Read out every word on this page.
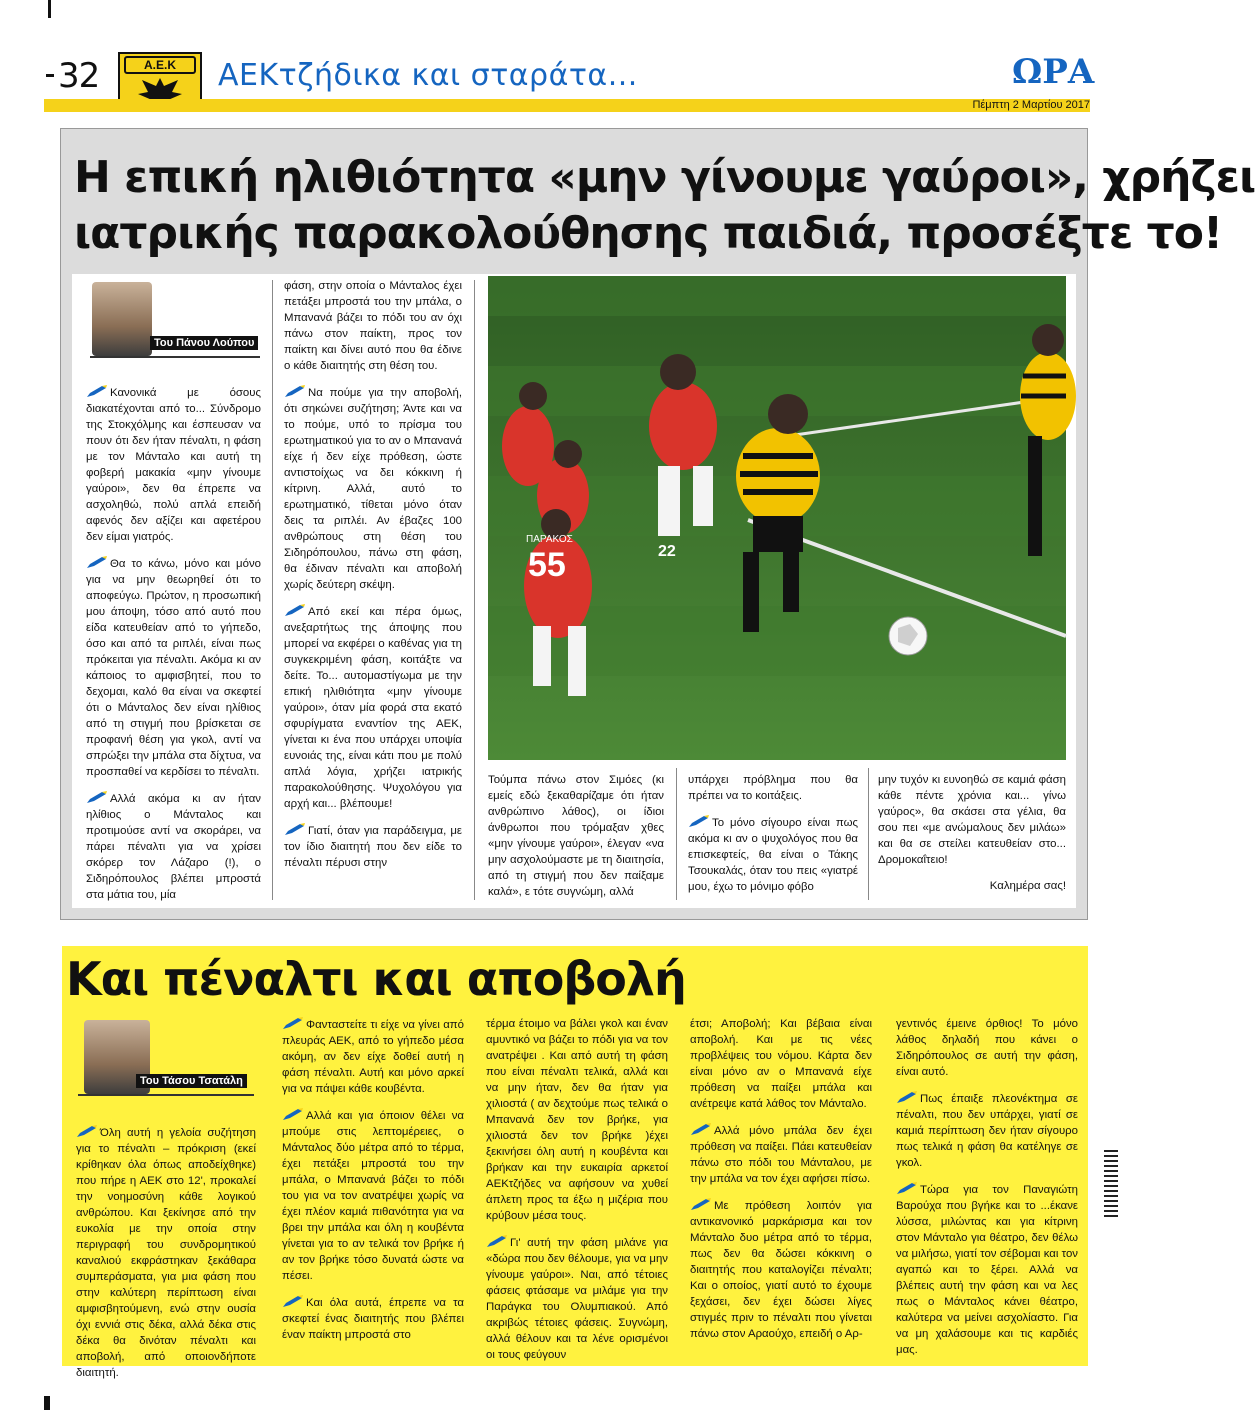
32	Α.Ε.Κ	ΑΕΚτζήδικα και σταράτα...	ΩΡΑ
Πέμπτη 2 Μαρτίου 2017
Η επική ηλιθιότητα «μην γίνουμε γαύροι», χρήζει
ιατρικής παρακολούθησης παιδιά, προσέξτε το!
Του Πάνου Λούπου

Κανονικά με όσους διακατέχονται από το... Σύνδρομο της Στοκχόλμης και έσπευσαν να πουν ότι δεν ήταν πέναλτι, η φάση με τον Μάνταλο και αυτή τη φοβερή μακακία «μην γίνουμε γαύροι», δεν θα έπρεπε να ασχοληθώ, πολύ απλά επειδή αφενός δεν αξίζει και αφετέρου δεν είμαι γιατρός.

Θα το κάνω, μόνο και μόνο για να μην θεωρηθεί ότι το αποφεύγω. Πρώτον, η προσωπική μου άποψη, τόσο από αυτό που είδα κατευθείαν από το γήπεδο, όσο και από τα ριπλέι, είναι πως πρόκειται για πέναλτι. Ακόμα κι αν κάποιος το αμφισβητεί, που το δεχομαι, καλό θα είναι να σκεφτεί ότι ο Μάνταλος δεν είναι ηλίθιος από τη στιγμή που βρίσκεται σε προφανή θέση για γκολ, αντί να σπρώξει την μπάλα στα δίχτυα, να προσπαθεί να κερδίσει το πέναλτι.

Αλλά ακόμα κι αν ήταν ηλίθιος ο Μάνταλος και προτιμούσε αντί να σκοράρει, να πάρει πέναλτι για να χρίσει σκόρερ τον Λάζαρο (!), ο Σιδηρόπουλος βλέπει μπροστά στα μάτια του, μία

φάση, στην οποία ο Μάνταλος έχει πετάξει μπροστά του την μπάλα, ο Μπανανά βάζει το πόδι του αν όχι πάνω στον παίκτη, προς τον παίκτη και δίνει αυτό που θα έδινε ο κάθε διαιτητής στη θέση του.

Να πούμε για την αποβολή, ότι σηκώνει συζήτηση; Άντε και να το πούμε, υπό το πρίσμα του ερωτηματικού για το αν ο Μπανανά είχε ή δεν είχε πρόθεση, ώστε αντιστοίχως να δει κόκκινη ή κίτρινη. Αλλά, αυτό το ερωτηματικό, τίθεται μόνο όταν δεις τα ριπλέι. Αν έβαζες 100 ανθρώπους στη θέση του Σιδηρόπουλου, πάνω στη φάση, θα έδιναν πέναλτι και αποβολή χωρίς δεύτερη σκέψη.

Από εκεί και πέρα όμως, ανεξαρτήτως της άποψης που μπορεί να εκφέρει ο καθένας για τη συγκεκριμένη φάση, κοιτάξτε να δείτε. Το... αυτομαστίγωμα με την επική ηλιθιότητα «μην γίνουμε γαύροι», όταν μία φορά στα εκατό σφυρίγματα εναντίον της ΑΕΚ, γίνεται κι ένα που υπάρχει υποψία ευνοιάς της, είναι κάτι που με πολύ απλά λόγια, χρήζει ιατρικής παρακολούθησης. Ψυχολόγου για αρχή και... βλέπουμε!

Γιατί, όταν για παράδειγμα, με τον ίδιο διαιτητή που δεν είδε το πέναλτι πέρυσι στην

55	22
ΠΑΡΑΚΟΣ
Τούμπα πάνω στον Σιμόες (κι εμείς εδώ ξεκαθαρίζαμε ότι ήταν ανθρώπινο λάθος), οι ίδιοι άνθρωποι που τρόμαξαν χθες «μην γίνουμε γαύροι», έλεγαν «να μην ασχολούμαστε με τη διαιτησία, από τη στιγμή που δεν παίξαμε καλά», ε τότε συγνώμη, αλλά

υπάρχει πρόβλημα που θα πρέπει να το κοιτάξεις.

Το μόνο σίγουρο είναι πως ακόμα κι αν ο ψυχολόγος που θα επισκεφτείς, θα είναι ο Τάκης Τσουκαλάς, όταν του πεις «γιατρέ μου, έχω το μόνιμο φόβο

μην τυχόν κι ευνοηθώ σε καμιά φάση κάθε πέντε χρόνια και... γίνω γαύρος», θα σκάσει στα γέλια, θα σου πει «με ανώμαλους δεν μιλάω» και θα σε στείλει κατευθείαν στο... Δρομοκαΐτειο!

Καλημέρα σας!

Και πέναλτι και αποβολή
Του Τάσου Τσατάλη

Όλη αυτή η γελοία συζήτηση για το πέναλτι – πρόκριση (εκεί κρίθηκαν όλα όπως αποδείχθηκε) που πήρε η ΑΕΚ στο 12', προκαλεί την νοημοσύνη κάθε λογικού ανθρώπου. Και ξεκίνησε από την ευκολία με την οποία στην περιγραφή του συνδρομητικού καναλιού εκφράστηκαν ξεκάθαρα συμπεράσματα, για μια φάση που στην καλύτερη περίπτωση είναι αμφισβητούμενη, ενώ στην ουσία όχι εννιά στις δέκα, αλλά δέκα στις δέκα θα δινόταν πέναλτι και αποβολή, από οποιονδήποτε διαιτητή.

Φανταστείτε τι είχε να γίνει από πλευράς ΑΕΚ, από το γήπεδο μέσα ακόμη, αν δεν είχε δοθεί αυτή η φάση πέναλτι. Αυτή και μόνο αρκεί για να πάψει κάθε κουβέντα.

Αλλά και για όποιον θέλει να μπούμε στις λεπτομέρειες, ο Μάνταλος δύο μέτρα από το τέρμα, έχει πετάξει μπροστά του την μπάλα, ο Μπανανά βάζει το πόδι του για να τον ανατρέψει χωρίς να έχει πλέον καμιά πιθανότητα για να βρει την μπάλα και όλη η κουβέντα γίνεται για το αν τελικά τον βρήκε ή αν τον βρήκε τόσο δυνατά ώστε να πέσει.

Και όλα αυτά, έπρεπε να τα σκεφτεί ένας διαιτητής που βλέπει έναν παίκτη μπροστά στο

τέρμα έτοιμο να βάλει γκολ και έναν αμυντικό να βάζει το πόδι για να τον ανατρέψει . Και από αυτή τη φάση που είναι πέναλτι τελικά, αλλά και να μην ήταν, δεν θα ήταν για χιλιοστά ( αν δεχτούμε πως τελικά ο Μπανανά δεν τον βρήκε, για χιλιοστά δεν τον βρήκε )έχει ξεκινήσει όλη αυτή η κουβέντα και βρήκαν και την ευκαιρία αρκετοί ΑΕΚτζήδες να αφήσουν να χυθεί άπλετη προς τα έξω η μιζέρια που κρύβουν μέσα τους.

Γι' αυτή την φάση μιλάνε για «δώρα που δεν θέλουμε, για να μην γίνουμε γαύροι». Ναι, από τέτοιες φάσεις φτάσαμε να μιλάμε για την Παράγκα του Ολυμπιακού. Από ακριβώς τέτοιες φάσεις. Συγνώμη, αλλά θέλουν και τα λένε ορισμένοι οι τους φεύγουν

έτσι; Αποβολή; Και βέβαια είναι αποβολή. Και με τις νέες προβλέψεις του νόμου. Κάρτα δεν είναι μόνο αν ο Μπανανά είχε πρόθεση να παίξει μπάλα και ανέτρεψε κατά λάθος τον Μάνταλο.

Αλλά μόνο μπάλα δεν έχει πρόθεση να παίξει. Πάει κατευθείαν πάνω στο πόδι του Μάνταλου, με την μπάλα να τον έχει αφήσει πίσω.

Με πρόθεση λοιπόν για αντικανονικό μαρκάρισμα και τον Μάνταλο δυο μέτρα από το τέρμα, πως δεν θα δώσει κόκκινη ο διαιτητής που καταλογίζει πέναλτι; Και ο οποίος, γιατί αυτό το έχουμε ξεχάσει, δεν έχει δώσει λίγες στιγμές πριν το πέναλτι που γίνεται πάνω στον Αραούχο, επειδή ο Αρ-

γεντινός έμεινε όρθιος! Το μόνο λάθος δηλαδή που κάνει ο Σιδηρόπουλος σε αυτή την φάση, είναι αυτό.

Πως έπαιξε πλεονέκτημα σε πέναλτι, που δεν υπάρχει, γιατί σε καμιά περίπτωση δεν ήταν σίγουρο πως τελικά η φάση θα κατέληγε σε γκολ.

Τώρα για τον Παναγιώτη Βαρούχα που βγήκε και το ...έκανε λύσσα, μιλώντας και για κίτρινη στον Μάνταλο για θέατρο, δεν θέλω να μιλήσω, γιατί τον σέβομαι και τον αγαπώ και το ξέρει. Αλλά να βλέπεις αυτή την φάση και να λες πως ο Μάνταλος κάνει θέατρο, καλύτερα να μείνει ασχολίαστο. Για να μη χαλάσουμε και τις καρδιές μας.
